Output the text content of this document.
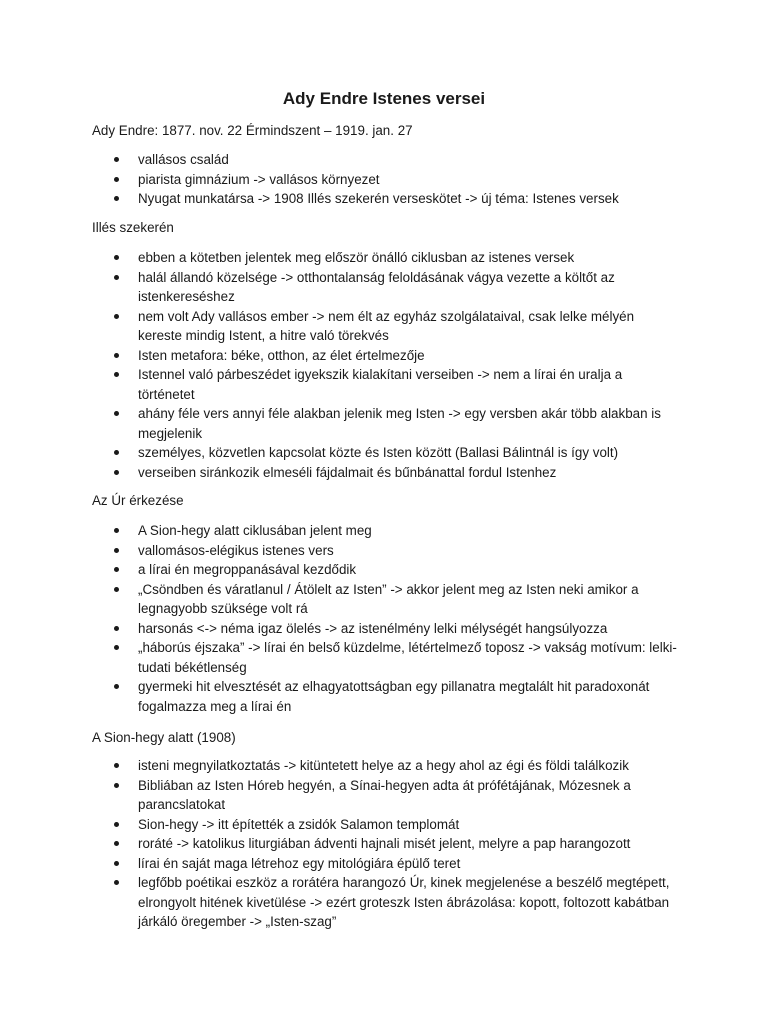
Ady Endre Istenes versei

Ady Endre: 1877. nov. 22 Érmindszent – 1919. jan. 27

vallásos család
piarista gimnázium -> vallásos környezet
Nyugat munkatársa -> 1908 Illés szekerén verseskötet -> új téma: Istenes versek

Illés szekerén

ebben a kötetben jelentek meg először önálló ciklusban az istenes versek
halál állandó közelsége -> otthontalanság feloldásának vágya vezette a költőt az istenkereséshez
nem volt Ady vallásos ember -> nem élt az egyház szolgálataival, csak lelke mélyén kereste mindig Istent, a hitre való törekvés
Isten metafora: béke, otthon, az élet értelmezője
Istennel való párbeszédet igyekszik kialakítani verseiben -> nem a lírai én uralja a történetet
ahány féle vers annyi féle alakban jelenik meg Isten -> egy versben akár több alakban is megjelenik
személyes, közvetlen kapcsolat közte és Isten között (Ballasi Bálintnál is így volt)
verseiben siránkozik elmeséli fájdalmait és bűnbánattal fordul Istenhez

Az Úr érkezése

A Sion-hegy alatt ciklusában jelent meg
vallomásos-elégikus istenes vers
a lírai én megroppanásával kezdődik
„Csöndben és váratlanul / Átölelt az Isten” -> akkor jelent meg az Isten neki amikor a legnagyobb szüksége volt rá
harsonás <-> néma igaz ölelés -> az istenélmény lelki mélységét hangsúlyozza
„háborús éjszaka” -> lírai én belső küzdelme, létértelmező toposz -> vakság motívum: lelki-tudati békétlenség
gyermeki hit elvesztését az elhagyatottságban egy pillanatra megtalált hit paradoxonát fogalmazza meg a lírai én

A Sion-hegy alatt (1908)

isteni megnyilatkoztatás -> kitüntetett helye az a hegy ahol az égi és földi találkozik
Bibliában az Isten Hóreb hegyén, a Sínai-hegyen adta át prófétájának, Mózesnek a parancslatokat
Sion-hegy -> itt építették a zsidók Salamon templomát
roráté -> katolikus liturgiában ádventi hajnali misét jelent, melyre a pap harangozott
lírai én saját maga létrehoz egy mitológiára épülő teret
legfőbb poétikai eszköz a rorátéra harangozó Úr, kinek megjelenése a beszélő megtépett, elrongyolt hitének kivetülése -> ezért groteszk Isten ábrázolása: kopott, foltozott kabátban járkáló öregember -> „Isten-szag”
